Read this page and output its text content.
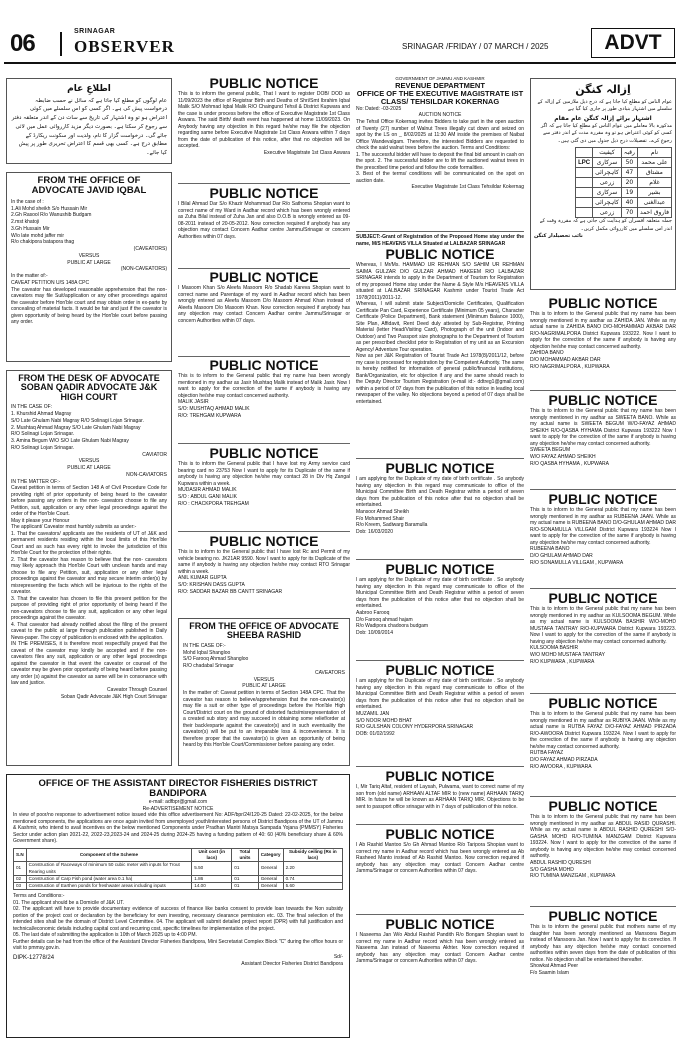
06	SRINAGAR
OBSERVER	SRINAGAR /FRIDAY / 07 MARCH / 2025	ADVT
اطلاعِ عام
عام لوگوں کو مطلع کیا جاتا ہے کہ سائل نے حسب ضابطہ درخواست پیش کی ہے۔ اگر کسی کو اس سلسلے میں کوئی اعتراض ہو تو وہ اشتہار کی تاریخ سے سات دن کے اندر متعلقہ دفتر سے رجوع کر سکتا ہے۔ بصورت دیگر مزید کارروائی عمل میں لائی جائے گی۔ درخواست گزار کا نام، ولدیت اور سکونت ریکارڈ کے مطابق درج ہے۔ کسی بھی قسم کا اعتراض تحریری طور پر پیش کیا جائے۔
FROM THE OFFICE OF ADVOCATE JAVID IQBAL
In the case of :
1.Ali Mohd sheikh S/o Hussain Mir
2.Gh Rasool R/o Wanushib Budgam
2.mst khatoji
3.Gh Hussain Mir
W/o late mohd jaffer mir
R/o chakipora batapora thag
(CAVEATORS)
VERSUS
PUBLIC AT LARGE
(NON-CAVEATORS)
In the matter of:-
CAVEAT PETITION U/S 148A CPC
The caveator has developed reasonable apprehension that the non-caveators may file Suit/application or any other proceedings against the caveator before Hon'ble court and may obtain order in ex-parte by concealing of material facts. It would be fair and just if the caveator is given opportunity of being heard by the Hon'ble court before passing any order.
FROM THE DESK OF ADVOCATE SOBAN QADIR ADVOCATE J&K HIGH COURT
IN THE CASE OF:
1. Khurshid Ahmad Magray
S/O Late Ghulam Nabi Magray R/O Solinagi Lojan Srinagar.
2. Mushtaq Ahmad Magray S/O Late Ghulam Nabi Magray
R/O Solinagi Lojan Srinagar.
3. Amina Begum W/O S/O Late Ghulam Nabi Magray
R/O Solinagi Lojan Srinagar.
CAVIATOR
VERSUS
PUBLIC AT LARGE
NON-CAVIATORS
IN THE MATTER OF:-
Caveat petition in terms of Section 148 A of Civil Procedure Code for providing right of prior opportunity of being heard to the caveator before passing any orders in the non- caveators choose to file any Petition, suit, application or any other legal proceedings against the order of the Hon'ble Court.
May it please your Honour
The applicant/ Caveator most humbly submits as under:-
1. That the caveators/ applicants are the residents of UT of J&K and permanent residents residing within the local limits of this Hon'ble Court and as such has every right to invoke the jurisdiction of this Hon'ble Court for the protection of their rights.
2. That the caveator has reason to believe that the non- caveators may likely approach this Hon'ble Court with unclean hands and may choose to file any Petition, suit, application or any other legal proceedings against the caveator and may secure interim order(s) by misrepresenting the facts which will be injurious to the rights of the caveator.
3. That the caveator has chosen to file this present petition for the purpose of providing right of prior opportunity of being heard if the non-caveators choose to file any suit, application or any other legal proceedings against the caveator.
4. That caveator had already notified about the filing of the present caveat to the public at large through publication published in Daily News-paper. The copy of publication is enclosed with the application.
IN THE PREMISES, it is therefore most respectfully prayed that the caveat of the caveator may kindly be accepted and if the non-caveators files any suit, application or any other legal proceedings against the caveator in that event the caveator or counsel of the caveator may be given prior opportunity of being heard before passing any order (s) against the caveator as same will be in consonance with law and justice.
Caveator Through Counsel
Soban Qadir Advocate J&K High Court Srinagar
PUBLIC NOTICE
This is to inform the general public, That I want to register DOB/ DOD as 11/09/2023 the office of Registrar Birth and Deaths of Shri/Smt Ibrahim Iqbal Malik S/O Mohmad Iqbal Malik R/O Chaingund Tehsil & District Kupwara and the case is under process before the office of Executive Magistrate 1st Class Aswara. The said Birth/ death event has happened at home 11/09/2023. On Anybody having any objection in this regard he/she may file the objection regarding same before Executive Magistrate 1st Class Aswara within 7 days from the date of publication of this notice, after that no objection will be accepted.
Executive Magistrate 1st Class Aswara
PUBLIC NOTICE
I Bilal Ahmad Dar S/o Khazir Mohammad Dar R/o Sathoma Shopian want to correct name of my Ward in Aadhar record which has been wrongly entered as Zuha Bilal instead of Zuha Jan and also D.O.B is wrongly entered as 09-08-2011 instead of 20-05-2012. Now correction required if anybody has any objection may contact Concern Aadhar centre Jammu/Srinagar or concern Authorities within 07 days.
PUBLIC NOTICE
I Masoom Khan S/o Aleefa Masoom R/o Shadab Kareva Shopian want to correct name and Parentage of my ward in Aadhar record which has been wrongly entered as Aleefa Masoom D/o Masoom Ahmad Khan instead of Aleefa Masoom D/o Masoom Khan. Now correction required if anybody has any objection may contact Concern Aadhar centre Jammu/Srinagar or concern Authorities within 07 days.
PUBLIC NOTICE
This is to inform to the General public that my name has been wrongly mentioned in my aadhar as Jasir Mushtaq Malik instead of Malik Jasir. Now I want to apply for the correction of the same if anybody is having any objection he/she may contact concerned authority.
MALIK JASIR
S/O: MUSHTAQ AHMAD MALIK
R/O: TREHGAM KUPWARA
PUBLIC NOTICE
This is to inform the General public that I have lost my Army service card bearing card no 23753 Now I want to apply for its Duplicate of the same if anybody is having any objection he/she may contact 28 in Div Hq Zangal Kupwara within a week.
MUDASIR AHMAD MALIK
S/O : ABDUL GANI MALIK
R/O : CHACKPORA TREHGAM
PUBLIC NOTICE
This is to inform to the General public that I have lost Rc and Permit of my vehicle bearing no. JK21AR 9590. Now I want to apply for its Duplicate of the same if anybody is having any objection he/she may contact RTO Srinagar within a week.
ANIL KUMAR GUPTA
S/O: KRISHAN DASS GUPTA
R/O: SADDAR BAZAR BB CANTT SRINAGAR
FROM THE OFFICE OF ADVOCATE SHEEBA RASHID
IN THE CASE OF:-
Mohd Iqbal Shangloo
S/O Farooq Ahmad Shangloo
R/O chadabal Srinagar
CAVEATORS
VERSUS
PUBLIC AT LARGE
In the matter of: Caveat petition in terms of Section 148A CPC. That the caveator has reason to believe/apprehension that the non-caveator(s) may file a suit or other type of proceedings before the Hon'ble High Court/District court on the ground of distorted facts/misrepresentation of a created sub story and may succeed in obtaining some relief/order at their back/exparte against the caveator(s) and in such eventuality the caveator(s) will be put to an irreparable loss & inconvenience. It is therefore proper that the caveator(s) is given an opportunity of being heard by this Hon'ble Court/Commissioner before passing any order.
GOVERNMENT OF JAMMU AND KASHMIR
REVENUE DEPARTMENT
OFFICE OF THE EXECUTIVE MAGISTRATE IST CLASS/ TEHSILDAR KOKERNAG
No: Dated: -03-2025
AUCTION NOTICE
The Tehsil Office Kokernag invites Bidders to take part in the open auction of Twenty (27) number of Walnut Trees illegally cut down and seized on spot by the LS on _ 8/02/2025 at 11:30 AM inside the premises of Naibat Office Wandevalgam. Therefore, the interested Bidders are requested to check the said walnut trees before the auction. Terms and Conditions:
1. The successful bidder will have to deposit the final bid amount in cash on the spot. 2. The successful bidder are to lift the auctioned walnut trees in the prescribed time period and follow the code formalities.
3. Best of the terms/ conditions will be communicated on the spot on auction date.
Executive Magistrate 1st Class Tehsildar Kokernag
SUBJECT:-Grant of Registration of the Proposed Home stay under the name, M/S HEAVENS VILLA Situated at LALBAZAR SRINAGAR
PUBLIC NOTICE
Whereas, I Mr/Ms. HAMMAD UR REHMAN S/O SAHIM UR REHMAN SAIMA GULZAR D/O GULZAR AHMAD HAKEEM R/O LALBAZAR SRINAGAR intends to apply in the Department of Tourism for Registration of my proposed Home stay under the Name & Style M/s HEAVENS VILLA situated at LALBAZAR SRINAGAR Kashmir under Tourist Trade Act 1978(2011)/2011-12.
Whereas, I will submit state Subject/Domicile Certificates, Qualification Certificate Pan Card, Experience Certificate (Minimum 05 years), Character Certificate (Police Department), Bank statement (Minimum Balance 1000), Site Plan, Affidavit, Rent Deed duly attested by Sub-Registrar, Printing Material (letter Head/Visiting Card), Photograph of the unit (Indoor and Outdoor) and Two Passport size photographs to the Department of Tourism as per prescribed checklist prior to Registration of my unit as an Excursion Agency/ Adventure Tour operation.
Now as per J&K Registration of Tourist Trade Act 1978(8)/2011/12, before my case is processed for registration by the Competent Authority. The same is hereby notified for information of general public/financial institutions, Bank/Organization, etc for objection if any and the same should reach to the Deputy Director Tourism Registration (e-mail id:- ddtreg1@gmail.com) within a period of 07 days from the publication of this notice in leading local newspaper of the valley. No objections beyond a period of 07 days shall be entertained.
PUBLIC NOTICE
I am applying for the Duplicate of my date of birth certificate . So anybody having any objection in this regard may communicate to office of the Municipal Committee Birth and Death Registrar within a period of seven days from the publication of this notice after that no objection shall be entertained.
Mansoor Ahmad Sheikh
F/o Mohammed Shair
R/o Kreem, Sadiwarg Baramulla
Dob: 16/03/2020
PUBLIC NOTICE
I am applying for the Duplicate of my date of birth certificate . So anybody having any objection in this regard may communicate to office of the Municipal Committee Birth and Death Registrar within a period of seven days from the publication of this notice after that no objection shall be entertained.
Aabroo Farooq
D/o Farooq ahmad hajam
R/o Wadipora chadoora budgam
Dob: 10/09/2014
PUBLIC NOTICE
I am applying for the Duplicate of my date of birth certificate . So anybody having any objection in this regard may communicate to office of the Municipal Committee Birth and Death Registrar within a period of seven days from the publication of this notice after that no objection shall be entertained.
MUZAMIL JAN
S/O NOOR MOHD BHAT
R/O GULSHAN COLONY HYDERPORA SRINAGAR
DOB: 01/02/1992
PUBLIC NOTICE
I, Mir Tariq Altaf, resident of Laysah, Pulwama, want to correct name of my son from (old name) ARHAAN ALTAF MIR to (new name) ARHAAN TARIQ MIR. In future he will be known as ARHAAN TARIQ MIR. Objections to be sent to passport office srinagar with in 7 days of publication of this notice.
PUBLIC NOTICE
I Ab Rashid Mantoo S/o Gh Ahmad Mantoo R/o Taripora Shopian want to correct my name in Aadhar record which has been wrongly entered as Ab Rasheed Manto instead of Ab Rashid Mantoo. Now correction required if anybody has any objection may contact Concern Aadhar centre Jammu/Srinagar or concern Authorities within 07 days.
PUBLIC NOTICE
I Naseema Jan W/o Abdul Rashid Pandith R/o Bongam Shopian want to correct my name in Aadhar record which has been wrongly entered as Naseema Jan instead of Naseema Akhter. Now correction required if anybody has any objection may contact Concern Aadhar centre Jammu/Srinagar or concern Authorities within 07 days.
اِزالہ کنگن
عوام الناس کو مطلع کیا جاتا ہے کہ درج ذیل ملازمین کے اِزالہ کے سلسلے میں اشتہار بنیادی طور پر جاری کیا گیا ہے
اشتہار برائے اِزالہ کنگن عام مقام
مذکورہ بالا معاملے میں عوام الناس کو مطلع کیا جاتا ہے کہ اگر کسی کو کوئی اعتراض ہو تو وہ مقررہ مدت کے اندر دفتر سے رجوع کرے۔ تفصیلات درج ذیل جدول میں دی گئی ہیں۔
نام	رقبہ	کیفیت	
علی محمد	50	سرکاری	LPC
مشتاق	47	کاہچرائی	
غلام	20	زرعی	
بشیر	19	سرکاری	
عبدالغنی	40	کاہچرائی	
فاروق احمد	70	زرعی	
جملہ متعلقہ افسران کو ہدایت کی جاتی ہے کہ مقررہ وقت کے اندر اس سلسلے میں کارروائی مکمل کریں۔
نائب تحصیلدار کنگن
PUBLIC NOTICE
This is to inform to the General public that my name has been wrongly mentioned in my aadhar as ZAHIDA JAN. While as my actual name is ZAHIDA BANO D/O-MOHAMMAD AKBAR DAR R/O-NAGRIMALPORA District Kupwara 193222. Now I want to apply for the correction of the same if anybody is having any objection he/she may contact concerned authority.
ZAHIDA BANO
D/O MOHAMMAD AKBAR DAR
R/O NAGRIMALPORA , KUPWARA
PUBLIC NOTICE
This is to inform to the General public that my name has been wrongly mentioned in my aadhar as SWEETA BANO. While as my actual name is SWEETA BEGUM W/O-FAYAZ AHMAD SHEIKH R/O-QASBA HYHAMA District Kupwara 193222 Now I want to apply for the correction of the same if anybody is having any objection he/she may contact concerned authority.
SWEETA BEGUM
W/O FAYAZ AHMAD SHEIKH
R/O QASBA HYHAMA , KUPWARA
PUBLIC NOTICE
This is to inform to the General public that my name has been wrongly mentioned in my aadhar as RUBEENA JAAN. While as my actual name is RUBEENA BANO D/O-GHULAM AHMAD DAR R/O-SONAMULLA VILLGAM District Kupwara 193224 Now I want to apply for the correction of the same if anybody is having any objection he/she may contact concerned authority.
RUBEENA BANO
D/O GHULAM AHMAD DAR
R/O SONAMULLA VILLGAM , KUPWARA
PUBLIC NOTICE
This is to inform to the General public that my name has been wrongly mentioned in my aadhar as KULSOOMA BEGUM. While as my actual name is KULSOOMA BASHIR W/O-MOHD MUSTAFA TANTRAY R/O-KUPWARA District Kupwara 193223. Now I want to apply for the correction of the same if anybody is having any objection he/she may contact concerned authority.
KULSOOMA BASHIR
W/O MOHD MUSTAFA TANTRAY
R/O KUPWARA , KUPWARA
PUBLIC NOTICE
This is to inform to the General public that my name has been wrongly mentioned in my aadhar as RUBIYA JAAN. While as my actual name is RUTBA FAYAZ D/O-FAYAZ AHMAD PIRZADA R/O-AWOORA District Kupwara 193224. Now I want to apply for the correction of the same if anybody is having any objection he/she may contact concerned authority.
RUTBA FAYAZ
D/O FAYAZ AHMAD PIRZADA
R/O AWOORA , KUPWARA
PUBLIC NOTICE
This is to inform to the General public that my name has been wrongly mentioned in my aadhar as ABDUL RASID QURASHI. While as my actual name is ABDUL RASHID QURESHI S/O-GASHA MOHD R/O-TUMINA MANZGAM District Kupwara 193224. Now I want to apply for the correction of the same if anybody is having any objection he/she may contact concerned authority.
ABDUL RASHID QURESHI
S/O GASHA MOHD
R/O TUMINA MANZGAM , KUPWARA
PUBLIC NOTICE
This is to inform the general public that mothers name of my daughter has been wrongly mentioned as Mansoora Begum instead of Mansoora Jan. Now I want to apply for its correction. If anybody has any objection he/she may contact concerned authorities within seven days from the date of publication of this notice. No objection shall be entertained thereafter.
Showkat Ahmad Peer
F/o Saamin Islam
OFFICE OF THE ASSISTANT DIRECTOR FISHERIES DISTRICT BANDIPORA
e-mail: adfbpr@gmail.com
Re-ADVERTISEMENT NOTICE
In view of poor/no response to advertisement notice issued vide this office advertisement No: ADF/bpr/24/120-25 Dated: 22-02-2025, for the below mentioned components, the applications are once again invited from unemployed youth/interested persons of District Bandipora of the UT of Jammu & Kashmir, who intend to avail incentives on the below mentioned Components under Pradhan Mantri Matsya Sampada Yojana (PMMSY) Fisheries Sector under action plan 2021-22, 2022-23,2023-24 and 2024-25 during 2024-25 having a funding pattern of 40: 60 (40% beneficiary share & 60% Government share).
S.N	Component of the Scheme	Unit cost (in lacs)	Total units	Category	Subsidy ceiling (Rs in lacs)
01	Construction of Raceways of minimum 50 cubic meter with inputs for Trout Rearing units	5.50	01	General	2.20
02	Construction of Carp Fish pond (water area 0.1 ha)	1.86	01	General	0.74
03	Construction of Earthen ponds for freshwater areas including inputs	14.00	01	General	5.60
Terms and Conditions:-
01. The applicant should be a Domicile of J&K UT.
02. The applicant will have to provide documentary evidence of success of finance like banks consent to provide loan towards the Non subsidy portion of the project cost or declaration by the beneficiary for own investing, necessary clearance permission etc. 03. The final selection of the intended sites shall be the domain of District Level Committee. 04. The applicant will submit detailed project report (DPR) with full justification and technical/economic details including capital cost and recurring cost, specific timelines for implementation of the project.
05. The last date of submitting the application is 10th of March 2025 up to 4:00 PM.
Further details can be had from the office of the Assistant Director Fisheries Bandipora, Mini Secretariat Complex Block "C" during the office hours or visit to pmmsy.gov.in.
DIPK-12778/24	Sd/-
Assistant Director Fisheries District Bandipora
